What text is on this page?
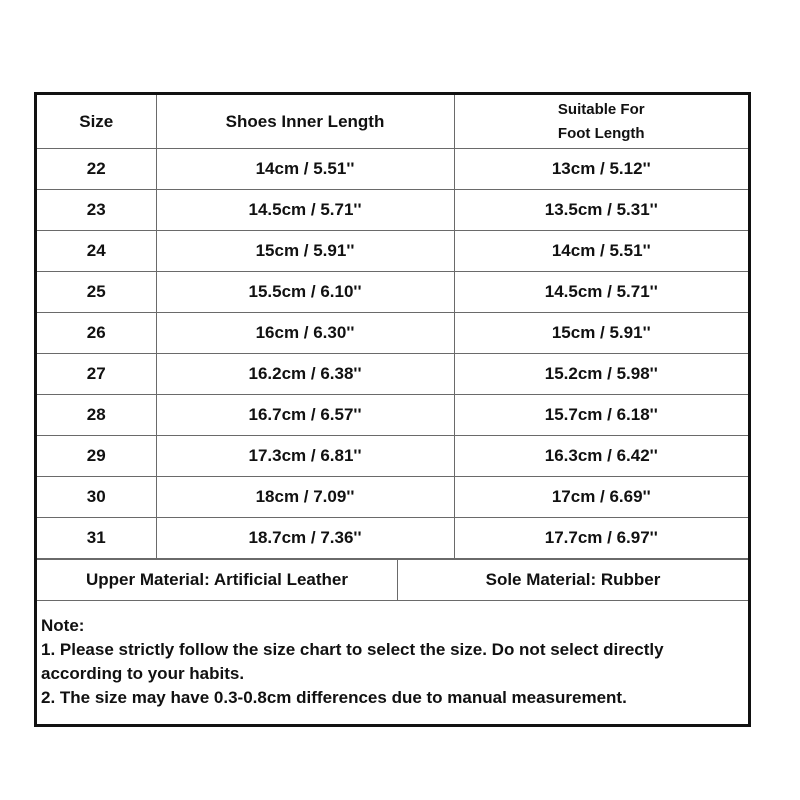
Size	Shoes Inner Length	Suitable For
Foot Length
22	14cm / 5.51''	13cm / 5.12''
23	14.5cm / 5.71''	13.5cm / 5.31''
24	15cm / 5.91''	14cm / 5.51''
25	15.5cm / 6.10''	14.5cm / 5.71''
26	16cm / 6.30''	15cm / 5.91''
27	16.2cm / 6.38''	15.2cm / 5.98''
28	16.7cm / 6.57''	15.7cm / 6.18''
29	17.3cm / 6.81''	16.3cm / 6.42''
30	18cm / 7.09''	17cm / 6.69''
31	18.7cm / 7.36''	17.7cm / 6.97''
Upper Material: Artificial Leather	Sole Material: Rubber

Note:

1. Please strictly follow the size chart to select the size. Do not select directly according to your habits.

2. The size may have 0.3-0.8cm differences due to manual measurement.
